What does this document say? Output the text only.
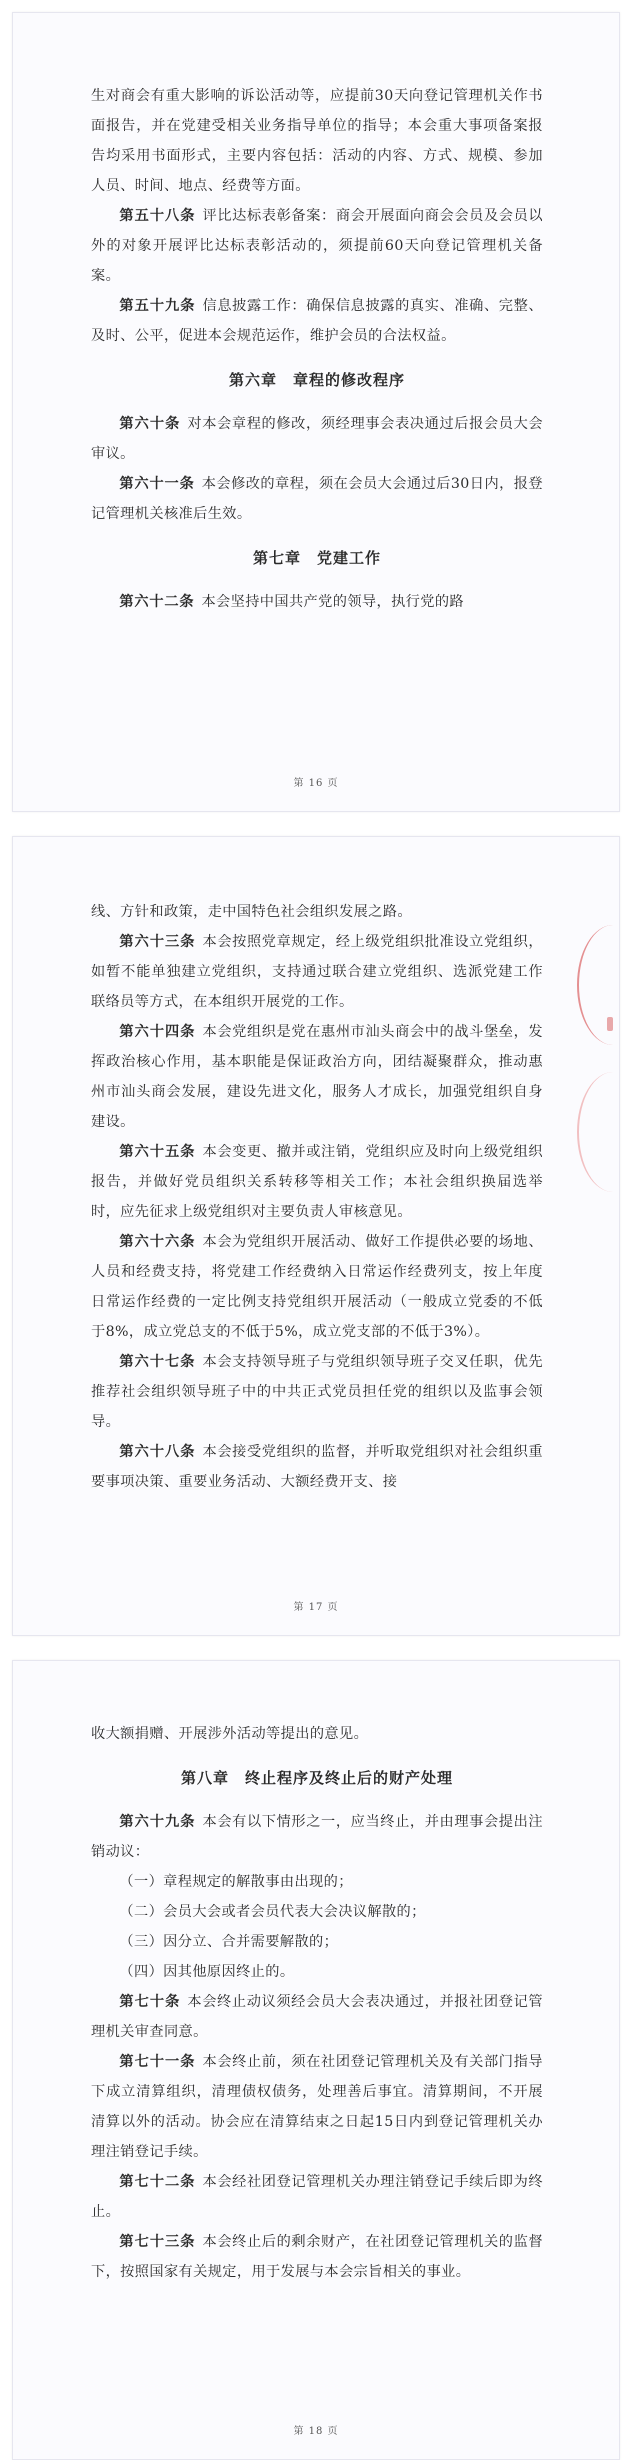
生对商会有重大影响的诉讼活动等，应提前30天向登记管理机关作书面报告，并在党建受相关业务指导单位的指导；本会重大事项备案报告均采用书面形式，主要内容包括：活动的内容、方式、规模、参加人员、时间、地点、经费等方面。

第五十八条 评比达标表彰备案：商会开展面向商会会员及会员以外的对象开展评比达标表彰活动的，须提前60天向登记管理机关备案。

第五十九条 信息披露工作：确保信息披露的真实、准确、完整、及时、公平，促进本会规范运作，维护会员的合法权益。

第六章　章程的修改程序

第六十条 对本会章程的修改，须经理事会表决通过后报会员大会审议。

第六十一条 本会修改的章程，须在会员大会通过后30日内，报登记管理机关核准后生效。

第七章　党建工作

第六十二条 本会坚持中国共产党的领导，执行党的路

第 16 页

线、方针和政策，走中国特色社会组织发展之路。

第六十三条 本会按照党章规定，经上级党组织批准设立党组织，如暂不能单独建立党组织，支持通过联合建立党组织、选派党建工作联络员等方式，在本组织开展党的工作。

第六十四条 本会党组织是党在惠州市汕头商会中的战斗堡垒，发挥政治核心作用，基本职能是保证政治方向，团结凝聚群众，推动惠州市汕头商会发展，建设先进文化，服务人才成长，加强党组织自身建设。

第六十五条 本会变更、撤并或注销，党组织应及时向上级党组织报告，并做好党员组织关系转移等相关工作；本社会组织换届选举时，应先征求上级党组织对主要负责人审核意见。

第六十六条 本会为党组织开展活动、做好工作提供必要的场地、人员和经费支持，将党建工作经费纳入日常运作经费列支，按上年度日常运作经费的一定比例支持党组织开展活动（一般成立党委的不低于8%，成立党总支的不低于5%，成立党支部的不低于3%）。

第六十七条 本会支持领导班子与党组织领导班子交叉任职，优先推荐社会组织领导班子中的中共正式党员担任党的组织以及监事会领导。

第六十八条 本会接受党组织的监督，并听取党组织对社会组织重要事项决策、重要业务活动、大额经费开支、接

第 17 页

收大额捐赠、开展涉外活动等提出的意见。

第八章　终止程序及终止后的财产处理

第六十九条 本会有以下情形之一，应当终止，并由理事会提出注销动议：

（一）章程规定的解散事由出现的；

（二）会员大会或者会员代表大会决议解散的；

（三）因分立、合并需要解散的；

（四）因其他原因终止的。

第七十条 本会终止动议须经会员大会表决通过，并报社团登记管理机关审查同意。

第七十一条 本会终止前，须在社团登记管理机关及有关部门指导下成立清算组织，清理债权债务，处理善后事宜。清算期间，不开展清算以外的活动。协会应在清算结束之日起15日内到登记管理机关办理注销登记手续。

第七十二条 本会经社团登记管理机关办理注销登记手续后即为终止。

第七十三条 本会终止后的剩余财产，在社团登记管理机关的监督下，按照国家有关规定，用于发展与本会宗旨相关的事业。

第 18 页
